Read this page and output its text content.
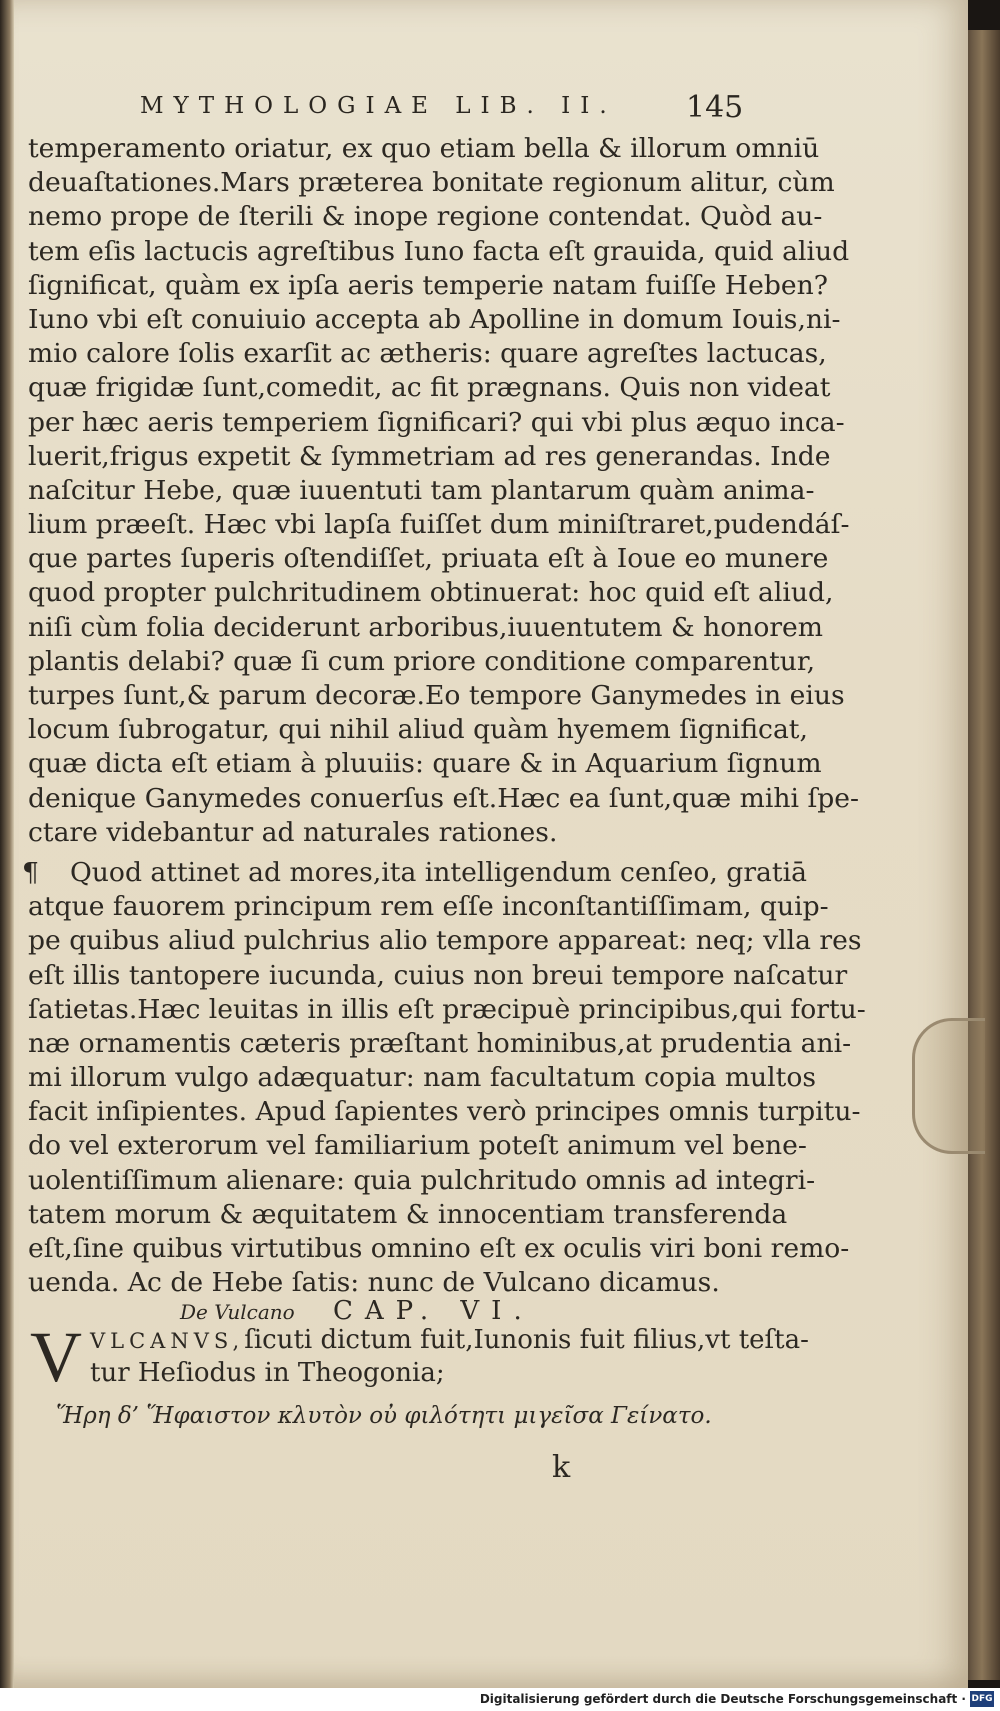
MYTHOLOGIAE LIB. II.	145
temperamento oriatur, ex quo etiam bella & illorum omniū
deuaſtationes.Mars præterea bonitate regionum alitur, cùm
nemo prope de ſterili & inope regione contendat. Quòd au-
tem eſis lactucis agreſtibus Iuno facta eſt grauida, quid aliud
ſignificat, quàm ex ipſa aeris temperie natam fuiſſe Heben?
Iuno vbi eſt conuiuio accepta ab Apolline in domum Iouis,ni-
mio calore ſolis exarſit ac ætheris: quare agreſtes lactucas,
quæ frigidæ ſunt,comedit, ac fit prægnans. Quis non videat
per hæc aeris temperiem ſignificari? qui vbi plus æquo inca-
luerit,frigus expetit & ſymmetriam ad res generandas. Inde
naſcitur Hebe, quæ iuuentuti tam plantarum quàm anima-
lium præeſt. Hæc vbi lapſa fuiſſet dum miniſtraret,pudendáſ-
que partes ſuperis oſtendiſſet, priuata eſt à Ioue eo munere
quod propter pulchritudinem obtinuerat: hoc quid eſt aliud,
niſi cùm folia deciderunt arboribus,iuuentutem & honorem
plantis delabi? quæ ſi cum priore conditione comparentur,
turpes ſunt,& parum decoræ.Eo tempore Ganymedes in eius
locum ſubrogatur, qui nihil aliud quàm hyemem ſignificat,
quæ dicta eſt etiam à pluuiis: quare & in Aquarium ſignum
denique Ganymedes conuerſus eſt.Hæc ea ſunt,quæ mihi ſpe-
ctare videbantur ad naturales rationes.
¶	Quod attinet ad mores,ita intelligendum cenſeo, gratiā
atque fauorem principum rem eſſe inconſtantiſſimam, quip-
pe quibus aliud pulchrius alio tempore appareat: neq; vlla res
eſt illis tantopere iucunda, cuius non breui tempore naſcatur
ſatietas.Hæc leuitas in illis eſt præcipuè principibus,qui fortu-
næ ornamentis cæteris præſtant hominibus,at prudentia ani-
mi illorum vulgo adæquatur: nam facultatum copia multos
facit inſipientes. Apud ſapientes verò principes omnis turpitu-
do vel exterorum vel familiarium poteſt animum vel bene-
uolentiſſimum alienare: quia pulchritudo omnis ad integri-
tatem morum & æquitatem & innocentiam transferenda
eſt,ſine quibus virtutibus omnino eſt ex oculis viri boni remo-
uenda. Ac de Hebe ſatis: nunc de Vulcano dicamus.
De Vulcano CAP. VI.
V VLCANVS,ſicuti dictum fuit,Iunonis fuit filius,vt teſta-
tur Heſiodus in Theogonia;
Ἥρη δ’ Ἥφαιστον κλυτὸν οὐ φιλότητι μιγεῖσα Γείνατο.
k
Digitalisierung gefördert durch die Deutsche Forschungsgemeinschaft · DFG
